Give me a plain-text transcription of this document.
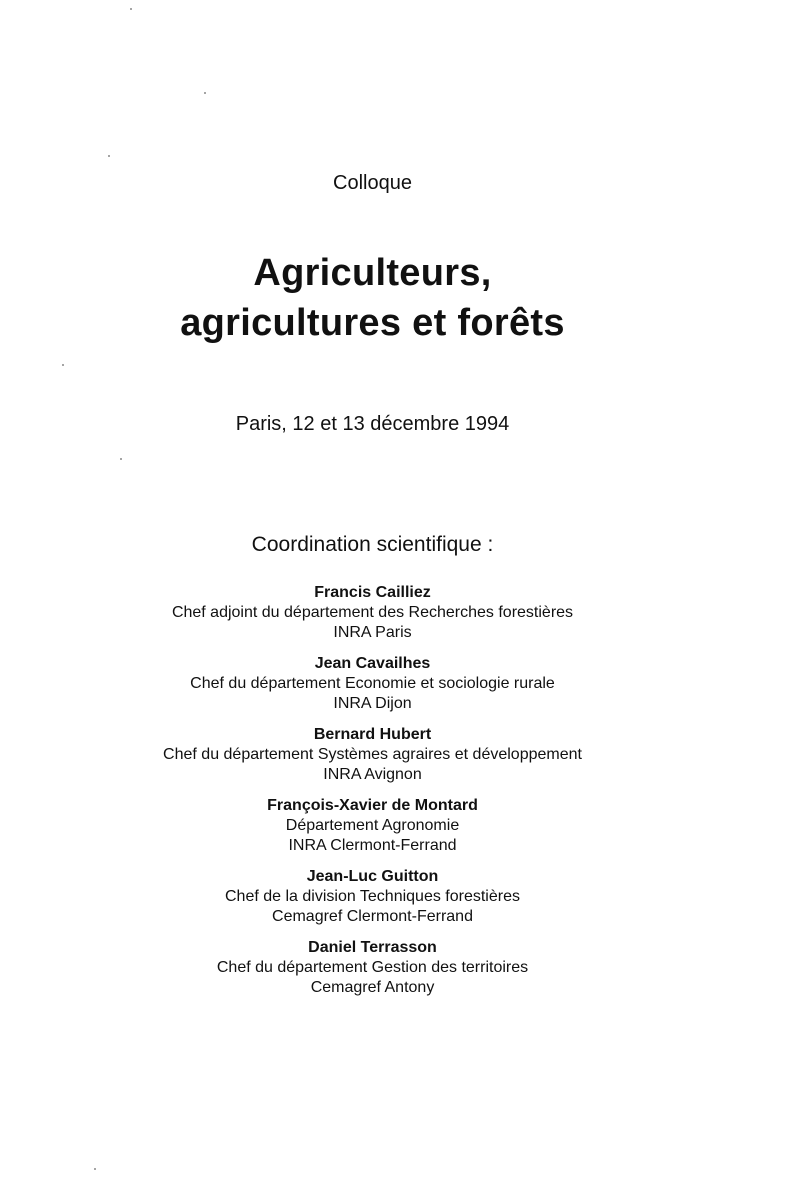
Colloque
Agriculteurs,
agricultures et forêts
Paris, 12 et 13 décembre 1994
Coordination scientifique :
Francis Cailliez
Chef adjoint du département des Recherches forestières
INRA Paris
Jean Cavailhes
Chef du département Economie et sociologie rurale
INRA Dijon
Bernard Hubert
Chef du département Systèmes agraires et développement
INRA Avignon
François-Xavier de Montard
Département Agronomie
INRA Clermont-Ferrand
Jean-Luc Guitton
Chef de la division Techniques forestières
Cemagref Clermont-Ferrand
Daniel Terrasson
Chef du département Gestion des territoires
Cemagref Antony
